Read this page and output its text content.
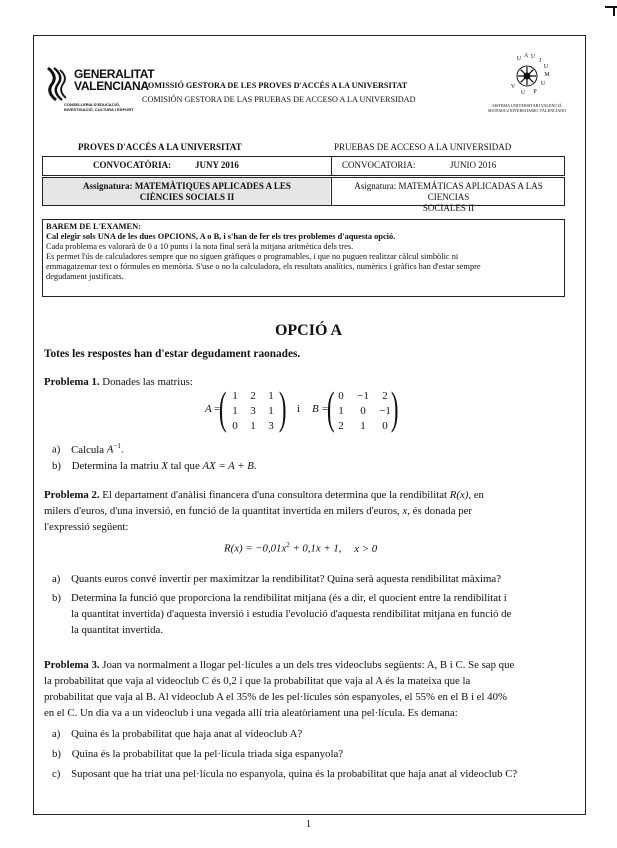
GENERALITAT
VALENCIANA
CONSELLERIA D'EDUCACIÓ,
INVESTIGACIÓ, CULTURA I ESPORT
COMISSIÓ GESTORA DE LES PROVES D'ACCÉS A LA UNIVERSITAT
COMISIÓN GESTORA DE LAS PRUEBAS DE ACCESO A LA UNIVERSIDAD
U A U
J
U
M
U
P
U
V
SISTEMA UNIVERSITARI VALENCIÀ
SISTEMA UNIVERSITARIO VALENCIANO
PROVES D'ACCÉS A LA UNIVERSITAT	PRUEBAS DE ACCESO A LA UNIVERSIDAD
CONVOCATÒRIA:	JUNY 2016	CONVOCATORIA:	JUNIO 2016
Assignatura: MATEMÀTIQUES APLICADES A LES
CIÈNCIES SOCIALS II
Asignatura: MATEMÁTICAS APLICADAS A LAS CIENCIAS
SOCIALES II
BAREM DE L'EXAMEN:
Cal elegir sols UNA de les dues OPCIONS, A o B, i s'han de fer els tres problemes d'aquesta opció.
Cada problema es valorarà de 0 a 10 punts i la nota final serà la mitjana aritmètica dels tres.
Es permet l'ús de calculadores sempre que no siguen gràfiques o programables, i que no puguen realitzar càlcul simbòlic ni
emmagatzemar text o fórmules en memòria. S'use o no la calculadora, els resultats analítics, numèrics i gràfics han d'estar sempre
degudament justificats.
OPCIÓ A
Totes les respostes han d'estar degudament raonades.
Problema 1. Donades las matrius:
A =
( 1	2	1
1	3	1
0	1	3 ) i B =
( 0	−1	2
1	0	−1
2	1	0 )
a) Calcula $A^{-1}$.
b) Determina la matriu X tal que AX = A + B.
Problema 2. El departament d'anàlisi financera d'una consultora determina que la rendibilitat R(x), en
milers d'euros, d'una inversió, en funció de la quantitat invertida en milers d'euros, x, és donada per
l'expressió següent:
$R(x) = -0,01x^2 + 0,1x + 1$, x > 0
a) Quants euros convé invertir per maximitzar la rendibilitat? Quina serà aquesta rendibilitat màxima?
b) Determina la funció que proporciona la rendibilitat mitjana (és a dir, el quocient entre la rendibilitat i
la quantitat invertida) d'aquesta inversió i estudia l'evolució d'aquesta rendibilitat mitjana en funció de
la quantitat invertida.
Problema 3. Joan va normalment a llogar pel·lícules a un dels tres videoclubs següents: A, B i C. Se sap que
la probabilitat que vaja al videoclub C és 0,2 i que la probabilitat que vaja al A és la mateixa que la
probabilitat que vaja al B. Al videoclub A el 35% de les pel·lícules són espanyoles, el 55% en el B i el 40%
en el C. Un dia va a un videoclub i una vegada allí tria aleatòriament una pel·lícula. Es demana:
a) Quina és la probabilitat que haja anat al videoclub A?
b) Quina és la probabilitat que la pel·lícula triada siga espanyola?
c) Suposant que ha triat una pel·lícula no espanyola, quina és la probabilitat que haja anat al videoclub C?
1
